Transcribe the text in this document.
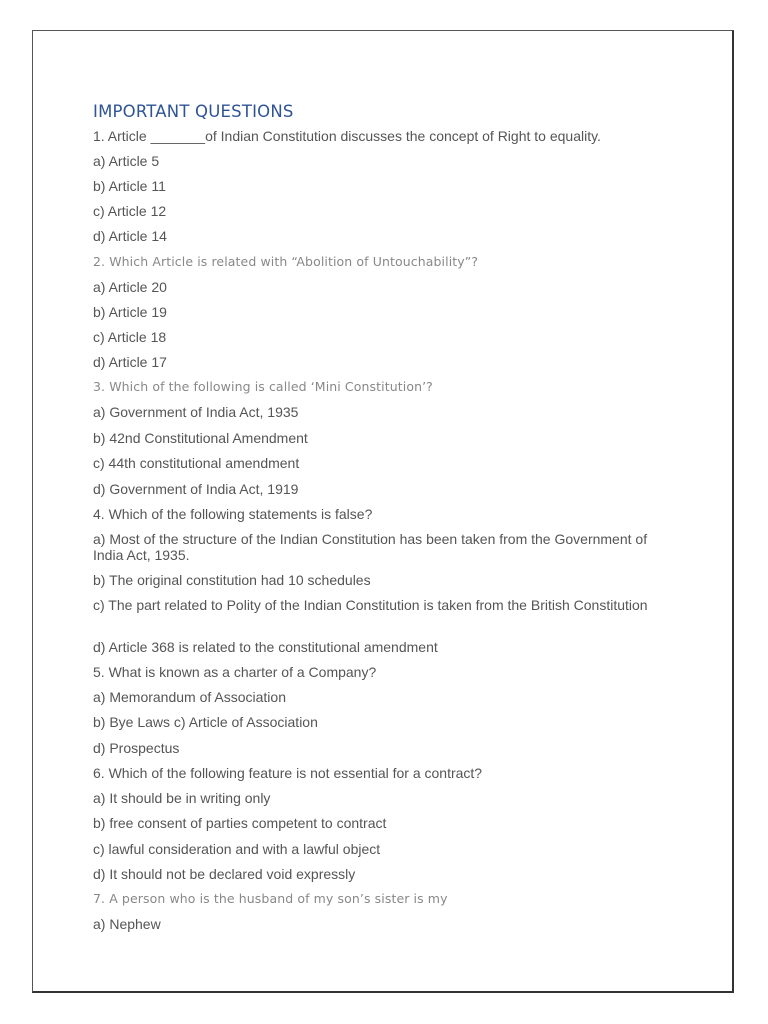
IMPORTANT QUESTIONS
1. Article _______of Indian Constitution discusses the concept of Right to equality.
a) Article 5
b) Article 11
c) Article 12
d) Article 14
2. Which Article is related with “Abolition of Untouchability”?
a) Article 20
b) Article 19
c) Article 18
d) Article 17
3. Which of the following is called ‘Mini Constitution’?
a) Government of India Act, 1935
b) 42nd Constitutional Amendment
c) 44th constitutional amendment
d) Government of India Act, 1919
4. Which of the following statements is false?
a) Most of the structure of the Indian Constitution has been taken from the Government of India Act, 1935.
b) The original constitution had 10 schedules
c) The part related to Polity of the Indian Constitution is taken from the British Constitution
d) Article 368 is related to the constitutional amendment
5. What is known as a charter of a Company?
a) Memorandum of Association
b) Bye Laws c) Article of Association
d) Prospectus
6. Which of the following feature is not essential for a contract?
a) It should be in writing only
b) free consent of parties competent to contract
c) lawful consideration and with a lawful object
d) It should not be declared void expressly
7. A person who is the husband of my son’s sister is my
a) Nephew
